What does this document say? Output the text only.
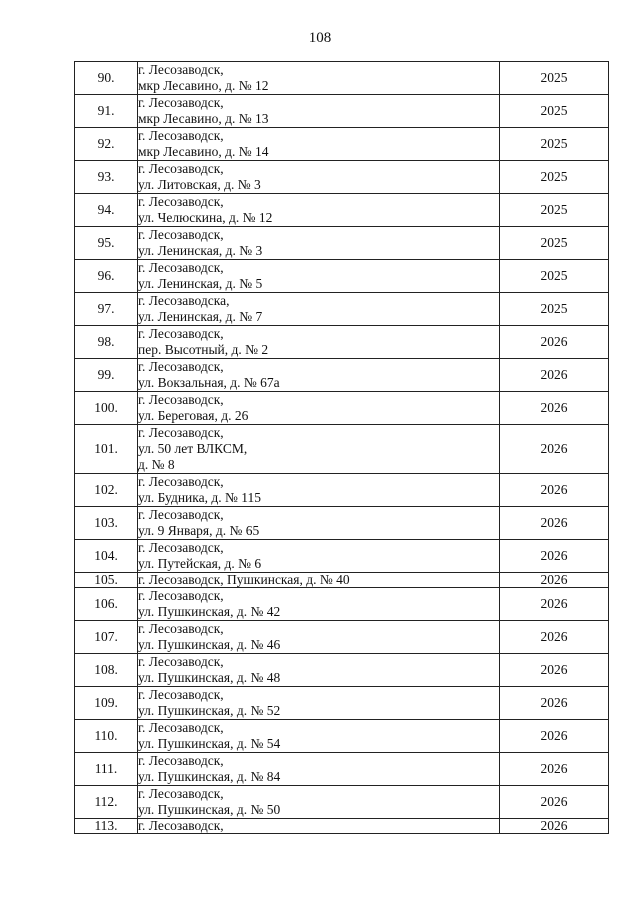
108
90.	г. Лесозаводск,
мкр Лесавино, д. № 12	2025
91.	г. Лесозаводск,
мкр Лесавино, д. № 13	2025
92.	г. Лесозаводск,
мкр Лесавино, д. № 14	2025
93.	г. Лесозаводск,
ул. Литовская, д. № 3	2025
94.	г. Лесозаводск,
ул. Челюскина, д. № 12	2025
95.	г. Лесозаводск,
ул. Ленинская, д. № 3	2025
96.	г. Лесозаводск,
ул. Ленинская, д. № 5	2025
97.	г. Лесозаводска,
ул. Ленинская, д. № 7	2025
98.	г. Лесозаводск,
пер. Высотный, д. № 2	2026
99.	г. Лесозаводск,
ул. Вокзальная, д. № 67а	2026
100.	г. Лесозаводск,
ул. Береговая, д. 26	2026
101.	г. Лесозаводск,
ул. 50 лет ВЛКСМ,
д. № 8	2026
102.	г. Лесозаводск,
ул. Будника, д. № 115	2026
103.	г. Лесозаводск,
ул. 9 Января, д. № 65	2026
104.	г. Лесозаводск,
ул. Путейская, д. № 6	2026
105.	г. Лесозаводск, Пушкинская, д. № 40	2026
106.	г. Лесозаводск,
ул. Пушкинская, д. № 42	2026
107.	г. Лесозаводск,
ул. Пушкинская, д. № 46	2026
108.	г. Лесозаводск,
ул. Пушкинская, д. № 48	2026
109.	г. Лесозаводск,
ул. Пушкинская, д. № 52	2026
110.	г. Лесозаводск,
ул. Пушкинская, д. № 54	2026
111.	г. Лесозаводск,
ул. Пушкинская, д. № 84	2026
112.	г. Лесозаводск,
ул. Пушкинская, д. № 50	2026
113.	г. Лесозаводск,	2026
